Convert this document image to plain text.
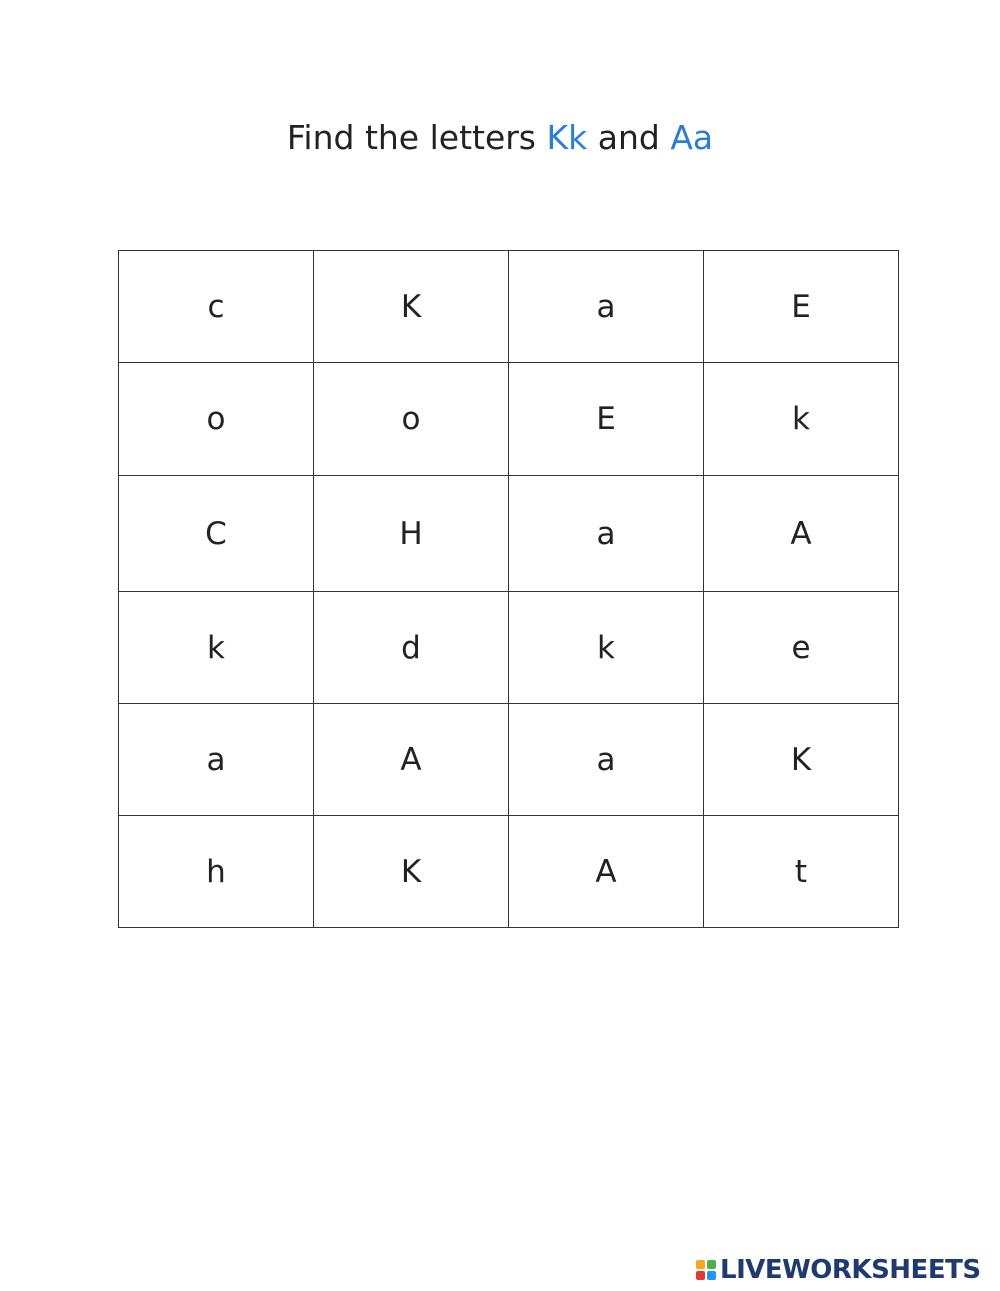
Find the letters Kk and Aa
c	K	a	E
o	o	E	k
C	H	a	A
k	d	k	e
a	A	a	K
h	K	A	t
LIVEWORKSHEETS
